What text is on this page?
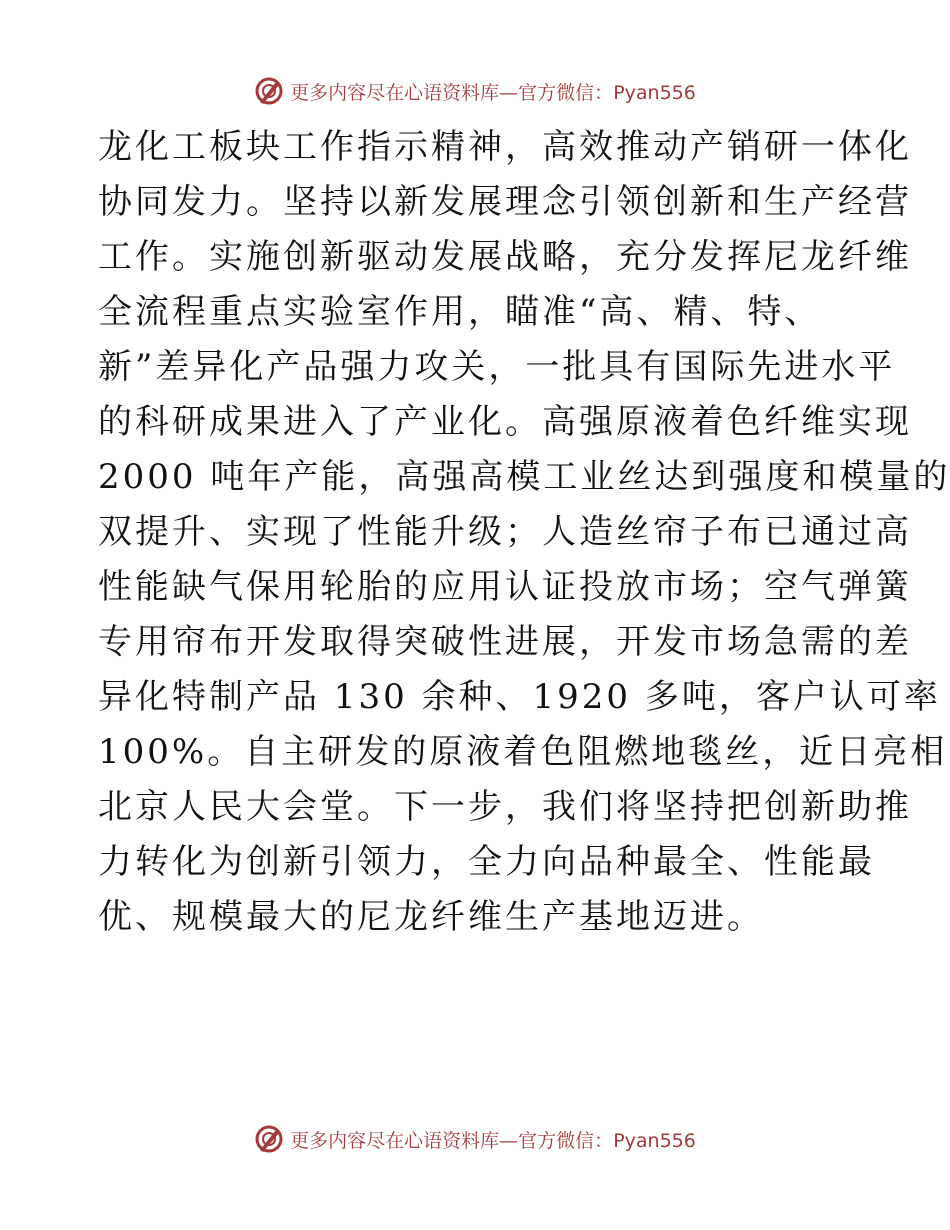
更多内容尽在心语资料库—官方微信：Pyan556
龙化工板块工作指示精神，高效推动产销研一体化
协同发力。坚持以新发展理念引领创新和生产经营
工作。实施创新驱动发展战略，充分发挥尼龙纤维
全流程重点实验室作用，瞄准“高、精、特、
新”差异化产品强力攻关，一批具有国际先进水平
的科研成果进入了产业化。高强原液着色纤维实现
2000 吨年产能，高强高模工业丝达到强度和模量的
双提升、实现了性能升级；人造丝帘子布已通过高
性能缺气保用轮胎的应用认证投放市场；空气弹簧
专用帘布开发取得突破性进展，开发市场急需的差
异化特制产品 130 余种、1920 多吨，客户认可率
100%。自主研发的原液着色阻燃地毯丝，近日亮相
北京人民大会堂。下一步，我们将坚持把创新助推
力转化为创新引领力，全力向品种最全、性能最
优、规模最大的尼龙纤维生产基地迈进。
更多内容尽在心语资料库—官方微信：Pyan556
